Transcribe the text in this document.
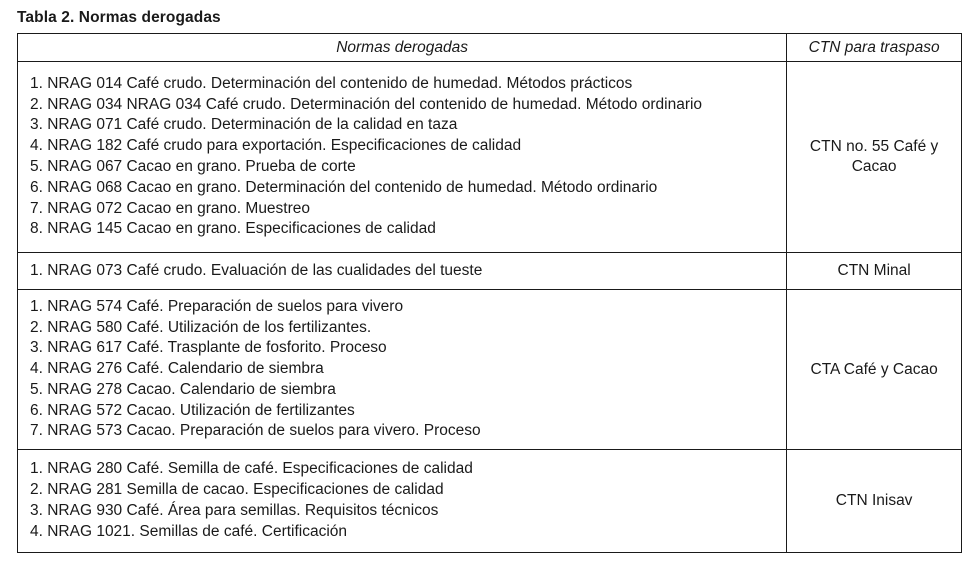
Tabla 2. Normas derogadas
Normas derogadas	CTN para traspaso

1. NRAG 014 Café crudo. Determinación del contenido de humedad. Métodos prácticos
2. NRAG 034 NRAG 034 Café crudo. Determinación del contenido de humedad. Método ordinario
3. NRAG 071 Café crudo. Determinación de la calidad en taza
4. NRAG 182 Café crudo para exportación. Especificaciones de calidad
5. NRAG 067 Cacao en grano. Prueba de corte
6. NRAG 068 Cacao en grano. Determinación del contenido de humedad. Método ordinario
7. NRAG 072 Cacao en grano. Muestreo
8. NRAG 145 Cacao en grano. Especificaciones de calidad
	CTN no. 55 Café y Cacao

1. NRAG 073 Café crudo. Evaluación de las cualidades del tueste	CTN Minal

1. NRAG 574 Café. Preparación de suelos para vivero
2. NRAG 580 Café. Utilización de los fertilizantes.
3. NRAG 617 Café. Trasplante de fosforito. Proceso
4. NRAG 276 Café. Calendario de siembra
5. NRAG 278 Cacao. Calendario de siembra
6. NRAG 572 Cacao. Utilización de fertilizantes
7. NRAG 573 Cacao. Preparación de suelos para vivero. Proceso
	CTA Café y Cacao

1. NRAG 280 Café. Semilla de café. Especificaciones de calidad
2. NRAG 281 Semilla de cacao. Especificaciones de calidad
3. NRAG 930 Café. Área para semillas. Requisitos técnicos
4. NRAG 1021. Semillas de café. Certificación
	CTN Inisav
